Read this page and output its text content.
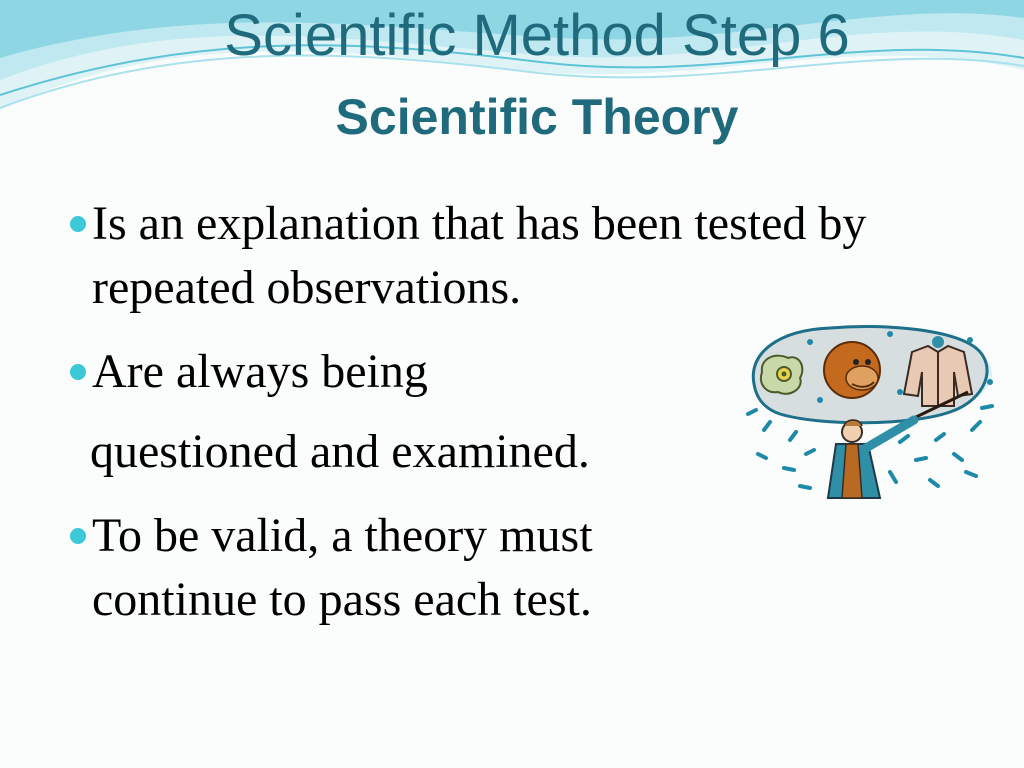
Scientific Method Step 6
Scientific Theory
Is an explanation that has been tested by repeated observations.
Are always being
questioned and examined.
To be valid, a theory must continue to pass each test.
